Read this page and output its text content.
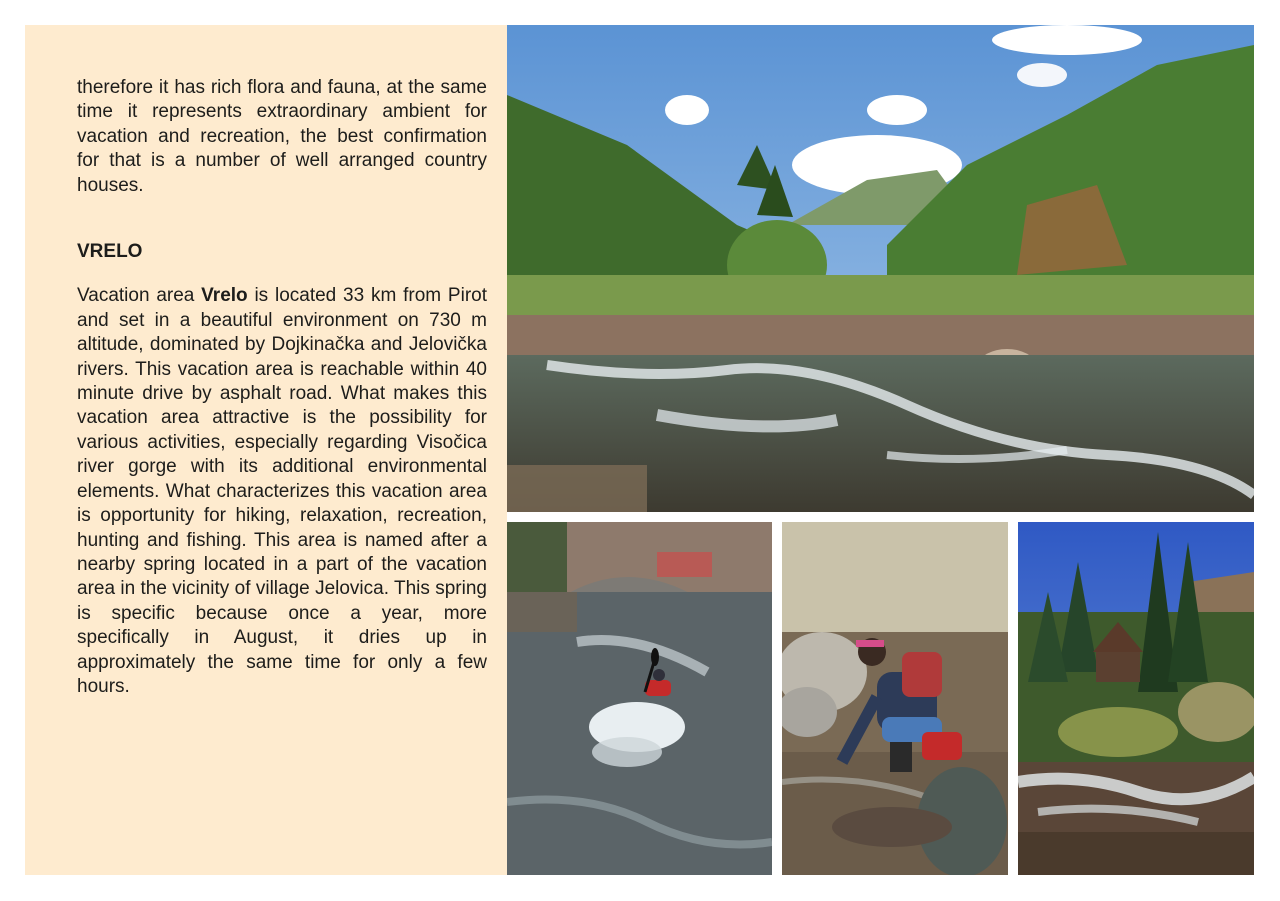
therefore it has rich flora and fauna, at the same time it represents extraordinary ambient for vacation and recreation, the best confirmation for that is a number of well arranged country houses.

VRELO

Vacation area Vrelo is located 33 km from Pirot and set in a beautiful environment on 730 m altitude, dominated by Dojkinačka and Jelovička rivers. This vacation area is reachable within 40 minute drive by asphalt road. What makes this vacation area attractive is the possibility for various activities, especially regarding Visočica river gorge with its additional environmental elements. What characterizes this vacation area is opportunity for hiking, relaxation, recreation, hunting and fishing. This area is named after a nearby spring located in a part of the vacation area in the vicinity of village Jelovica. This spring is specific because once a year, more specifically in August, it dries up in approximately the same time for only a few hours.
